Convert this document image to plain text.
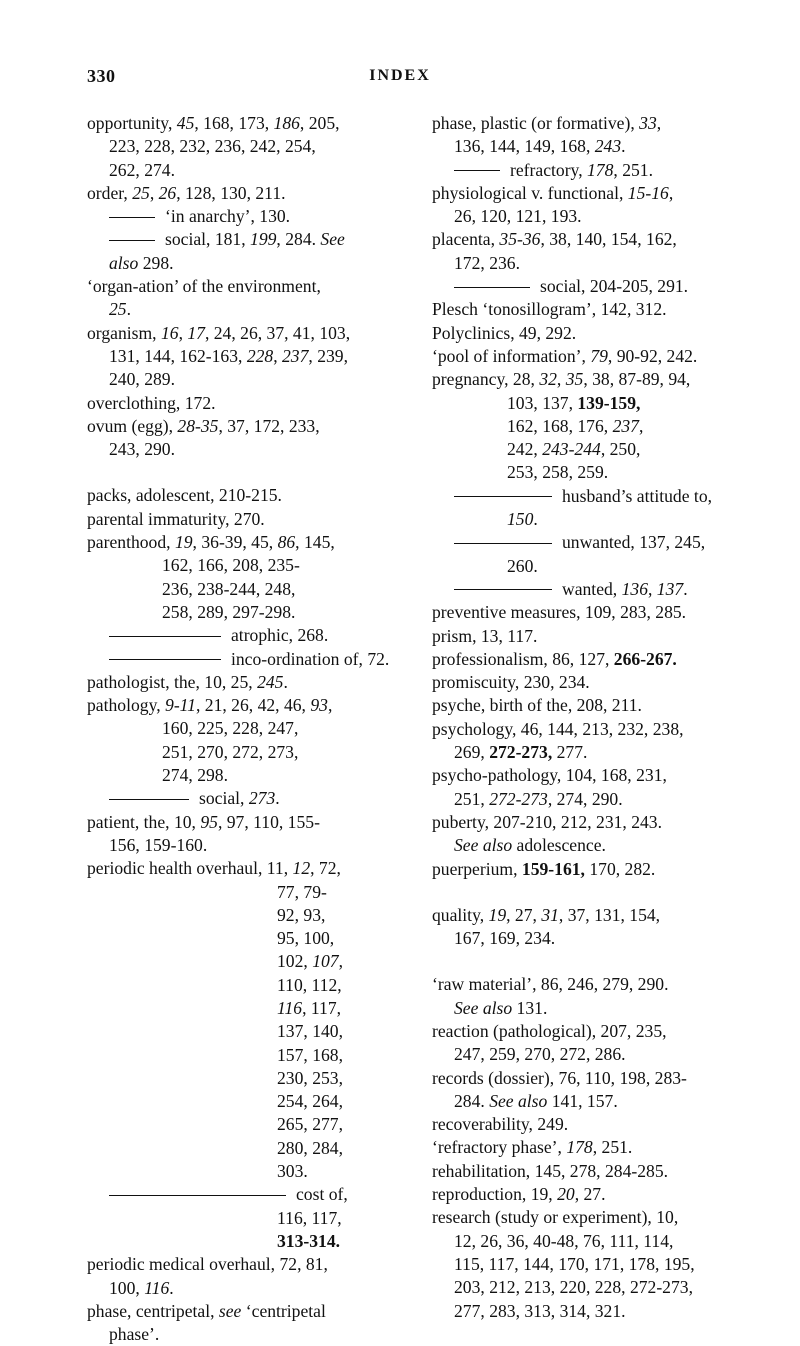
330	INDEX
opportunity, 45, 168, 173, 186, 205,
223, 228, 232, 236, 242, 254,
262, 274.
order, 25, 26, 128, 130, 211.
‘in anarchy’, 130.
social, 181, 199, 284. See
also 298.
‘organ-ation’ of the environment,
25.
organism, 16, 17, 24, 26, 37, 41, 103,
131, 144, 162-163, 228, 237, 239,
240, 289.
overclothing, 172.
ovum (egg), 28-35, 37, 172, 233,
243, 290.
packs, adolescent, 210-215.
parental immaturity, 270.
parenthood, 19, 36-39, 45, 86, 145,
162, 166, 208, 235-
236, 238-244, 248,
258, 289, 297-298.
atrophic, 268.
inco-ordination of, 72.
pathologist, the, 10, 25, 245.
pathology, 9-11, 21, 26, 42, 46, 93,
160, 225, 228, 247,
251, 270, 272, 273,
274, 298.
social, 273.
patient, the, 10, 95, 97, 110, 155-
156, 159-160.
periodic health overhaul, 11, 12, 72,
77, 79-
92, 93,
95, 100,
102, 107,
110, 112,
116, 117,
137, 140,
157, 168,
230, 253,
254, 264,
265, 277,
280, 284,
303.
cost of,
116, 117,
313-314.
periodic medical overhaul, 72, 81,
100, 116.
phase, centripetal, see ‘centripetal
phase’.
phase, plastic (or formative), 33,
136, 144, 149, 168, 243.
refractory, 178, 251.
physiological v. functional, 15-16,
26, 120, 121, 193.
placenta, 35-36, 38, 140, 154, 162,
172, 236.
social, 204-205, 291.
Plesch ‘tonosillogram’, 142, 312.
Polyclinics, 49, 292.
‘pool of information’, 79, 90-92, 242.
pregnancy, 28, 32, 35, 38, 87-89, 94,
103, 137, 139-159,
162, 168, 176, 237,
242, 243-244, 250,
253, 258, 259.
husband’s attitude to,
150.
unwanted, 137, 245,
260.
wanted, 136, 137.
preventive measures, 109, 283, 285.
prism, 13, 117.
professionalism, 86, 127, 266-267.
promiscuity, 230, 234.
psyche, birth of the, 208, 211.
psychology, 46, 144, 213, 232, 238,
269, 272-273, 277.
psycho-pathology, 104, 168, 231,
251, 272-273, 274, 290.
puberty, 207-210, 212, 231, 243.
See also adolescence.
puerperium, 159-161, 170, 282.
quality, 19, 27, 31, 37, 131, 154,
167, 169, 234.
‘raw material’, 86, 246, 279, 290.
See also 131.
reaction (pathological), 207, 235,
247, 259, 270, 272, 286.
records (dossier), 76, 110, 198, 283-
284. See also 141, 157.
recoverability, 249.
‘refractory phase’, 178, 251.
rehabilitation, 145, 278, 284-285.
reproduction, 19, 20, 27.
research (study or experiment), 10,
12, 26, 36, 40-48, 76, 111, 114,
115, 117, 144, 170, 171, 178, 195,
203, 212, 213, 220, 228, 272-273,
277, 283, 313, 314, 321.
